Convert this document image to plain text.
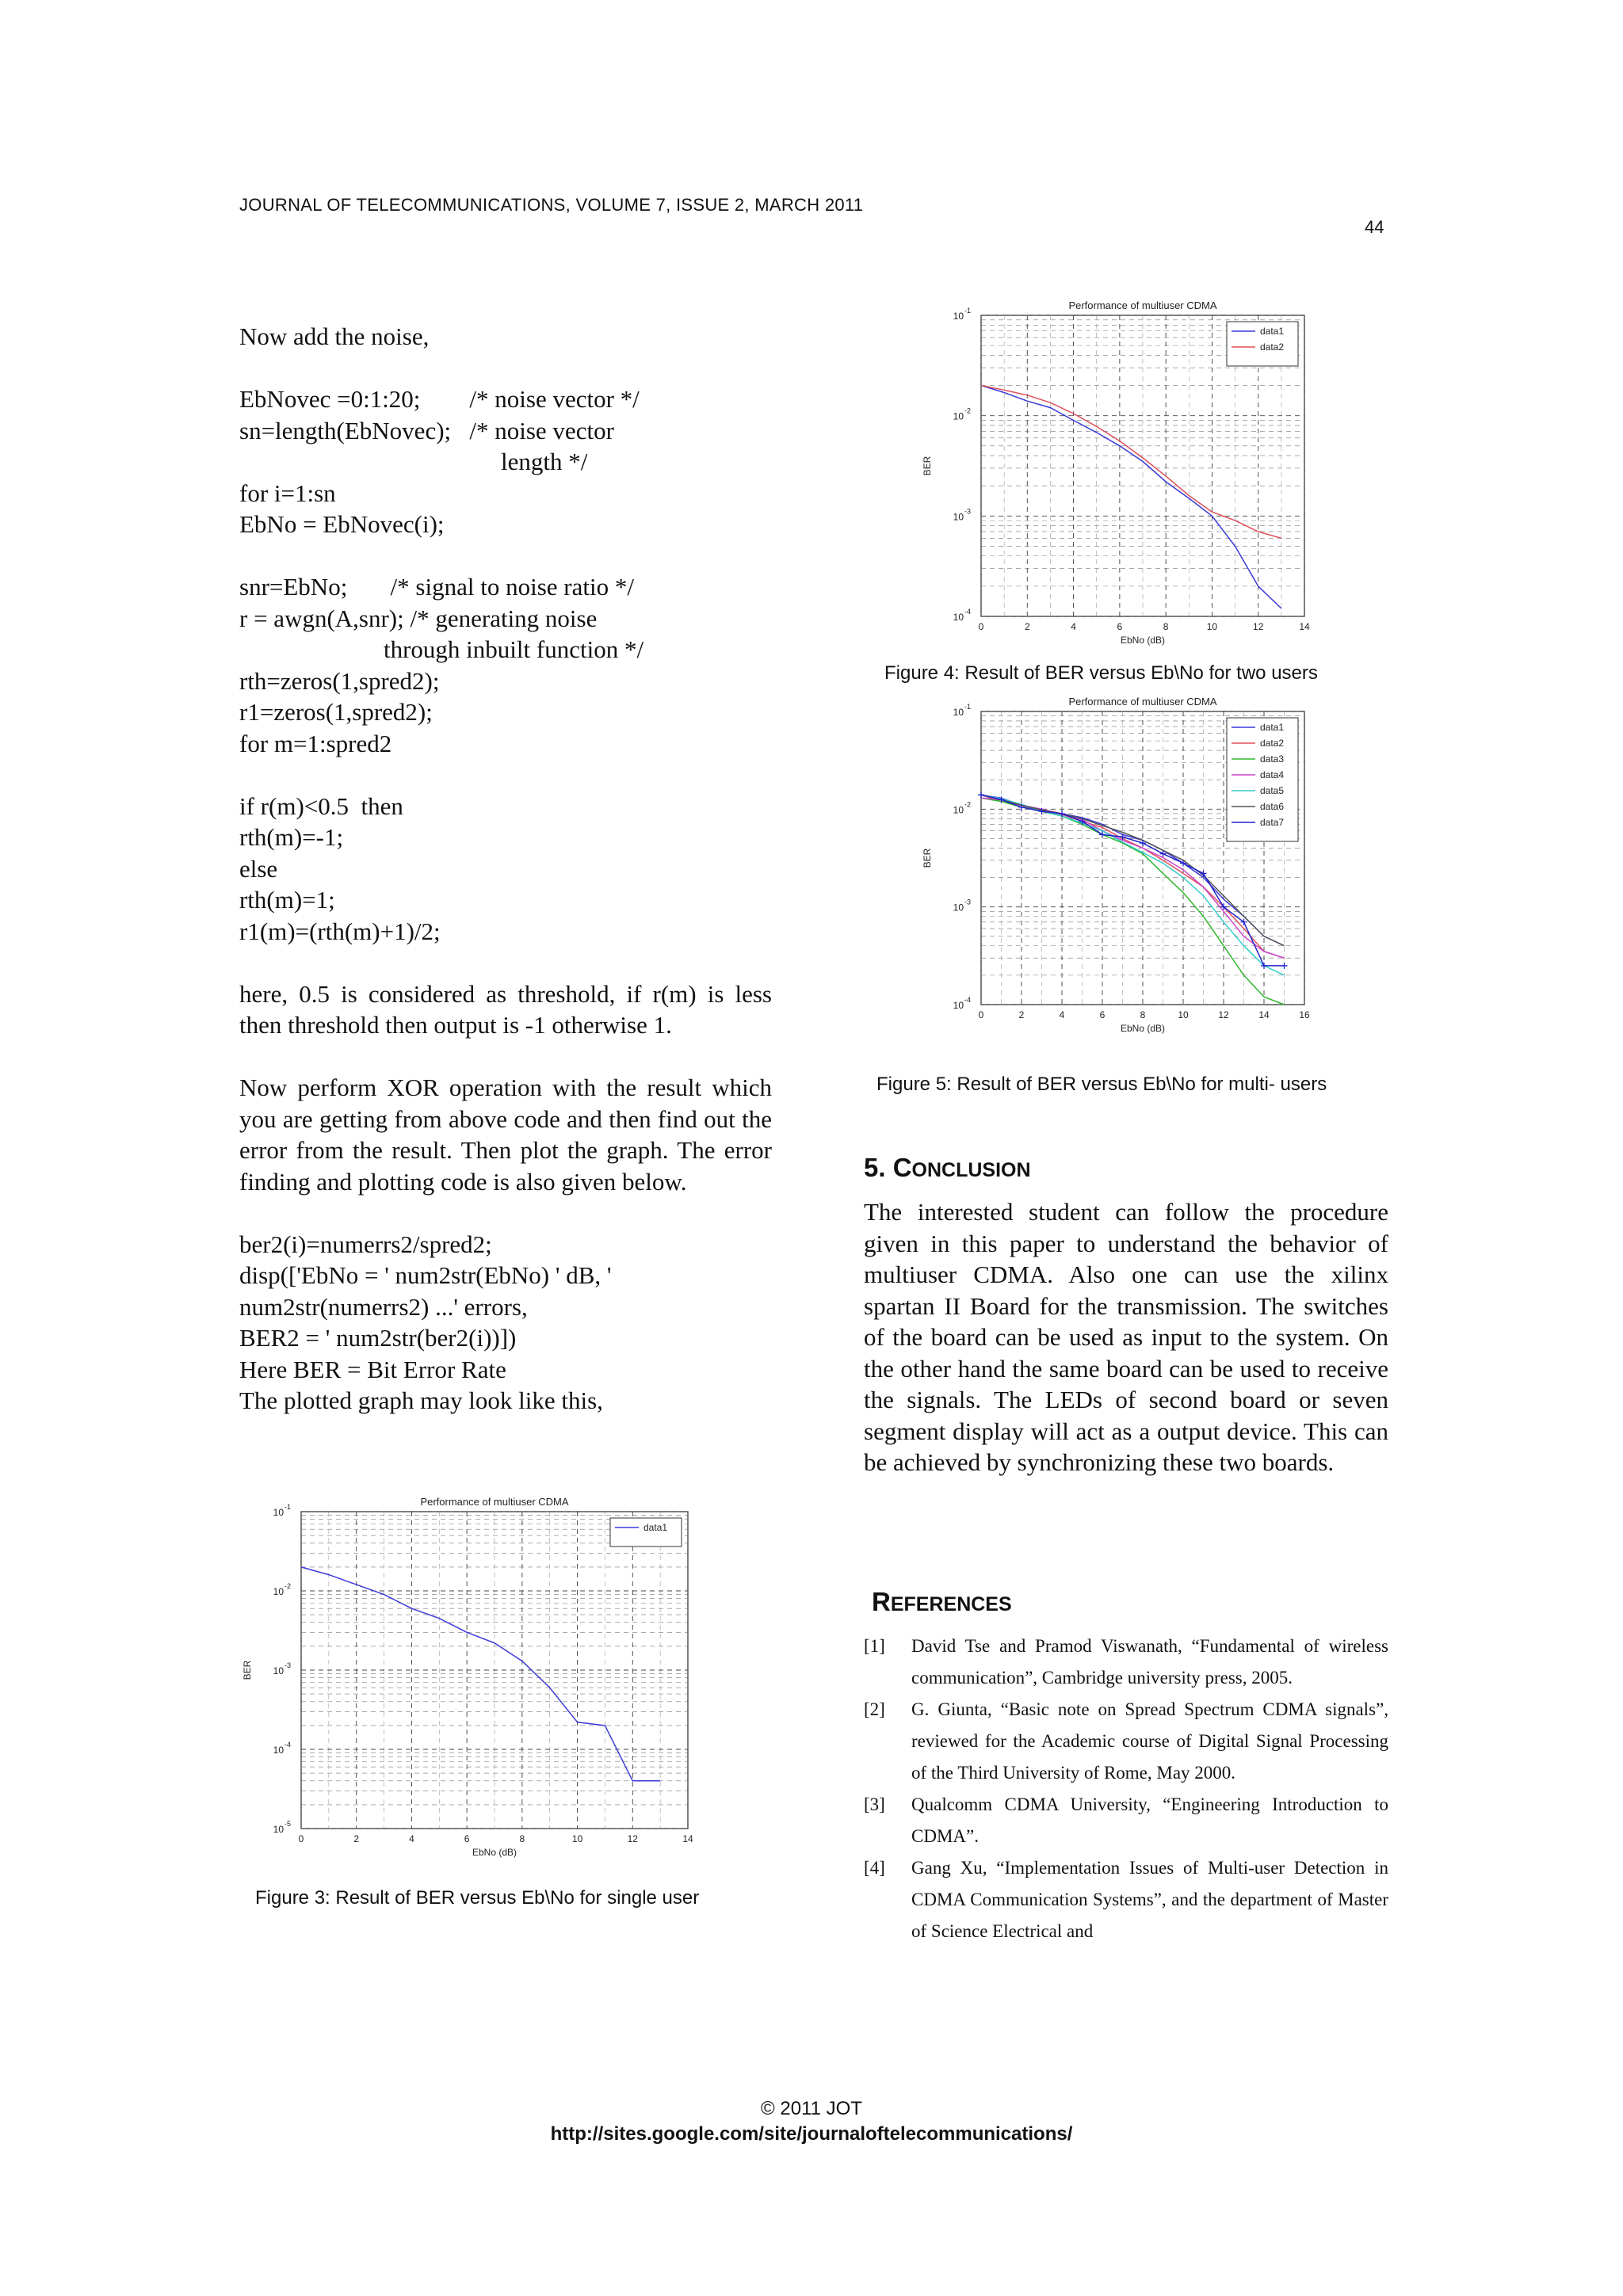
JOURNAL OF TELECOMMUNICATIONS, VOLUME 7, ISSUE 2, MARCH 2011
44
Now add the noise,
EbNovec =0:1:20;        /* noise vector */
sn=length(EbNovec);   /* noise vector
length */
for i=1:sn
EbNo = EbNovec(i);
snr=EbNo;       /* signal to noise ratio */
r = awgn(A,snr); /* generating noise
through inbuilt function */
rth=zeros(1,spred2);
r1=zeros(1,spred2);
for m=1:spred2
if r(m)<0.5  then
rth(m)=-1;
else
rth(m)=1;
r1(m)=(rth(m)+1)/2;
here, 0.5 is considered as threshold, if r(m) is less then threshold then output is -1 otherwise 1.
Now perform XOR operation with the result which you are getting from above code and then find out the error from the result. Then plot the graph. The error finding and plotting code is also given below.
ber2(i)=numerrs2/spred2;
disp(['EbNo = ' num2str(EbNo) ' dB, '
num2str(numerrs2) ...' errors,
BER2 = ' num2str(ber2(i))])
Here BER = Bit Error Rate
The plotted graph may look like this,
Performance of multiuser CDMA
0	2	4	6	8	10	12	14
10 -1
10 -2
10 -3
10 -4
10 -5
EbNo (dB)
BER
data1
Figure 3: Result of BER versus Eb\No for single user
Performance of multiuser CDMA
0	2	4	6	8	10	12	14
10 -1
10 -2
10 -3
10 -4
EbNo (dB)
BER
data1
data2
Figure 4: Result of BER versus Eb\No for two users
Performance of multiuser CDMA
0	2	4	6	8	10	12	14	16
10 -1
10 -2
10 -3
10 -4
EbNo (dB)
BER
data1
data2
data3
data4
data5
data6
data7
Figure 5: Result of BER versus Eb\No for multi- users
5. CONCLUSION
The interested student can follow the procedure given in this paper to understand the behavior of multiuser CDMA. Also one can use the xilinx spartan II Board for the transmission. The switches of the board can be used as input to the system. On the other hand the same board can be used to receive the signals. The LEDs of second board or seven segment display will act as a output device. This can be achieved by synchronizing these two boards.
REFERENCES
[1]	David Tse and Pramod Viswanath, “Fundamental of wireless communication”, Cambridge university press, 2005.
[2]	G. Giunta, “Basic note on Spread Spectrum CDMA signals”, reviewed for the Academic course of Digital Signal Processing of the Third University of Rome, May 2000.
[3]	Qualcomm CDMA University, “Engineering Introduction to CDMA”.
[4]	Gang Xu, “Implementation Issues of Multi-user Detection in CDMA Communication Systems”, and the department of Master of Science Electrical and
© 2011 JOT
http://sites.google.com/site/journaloftelecommunications/
